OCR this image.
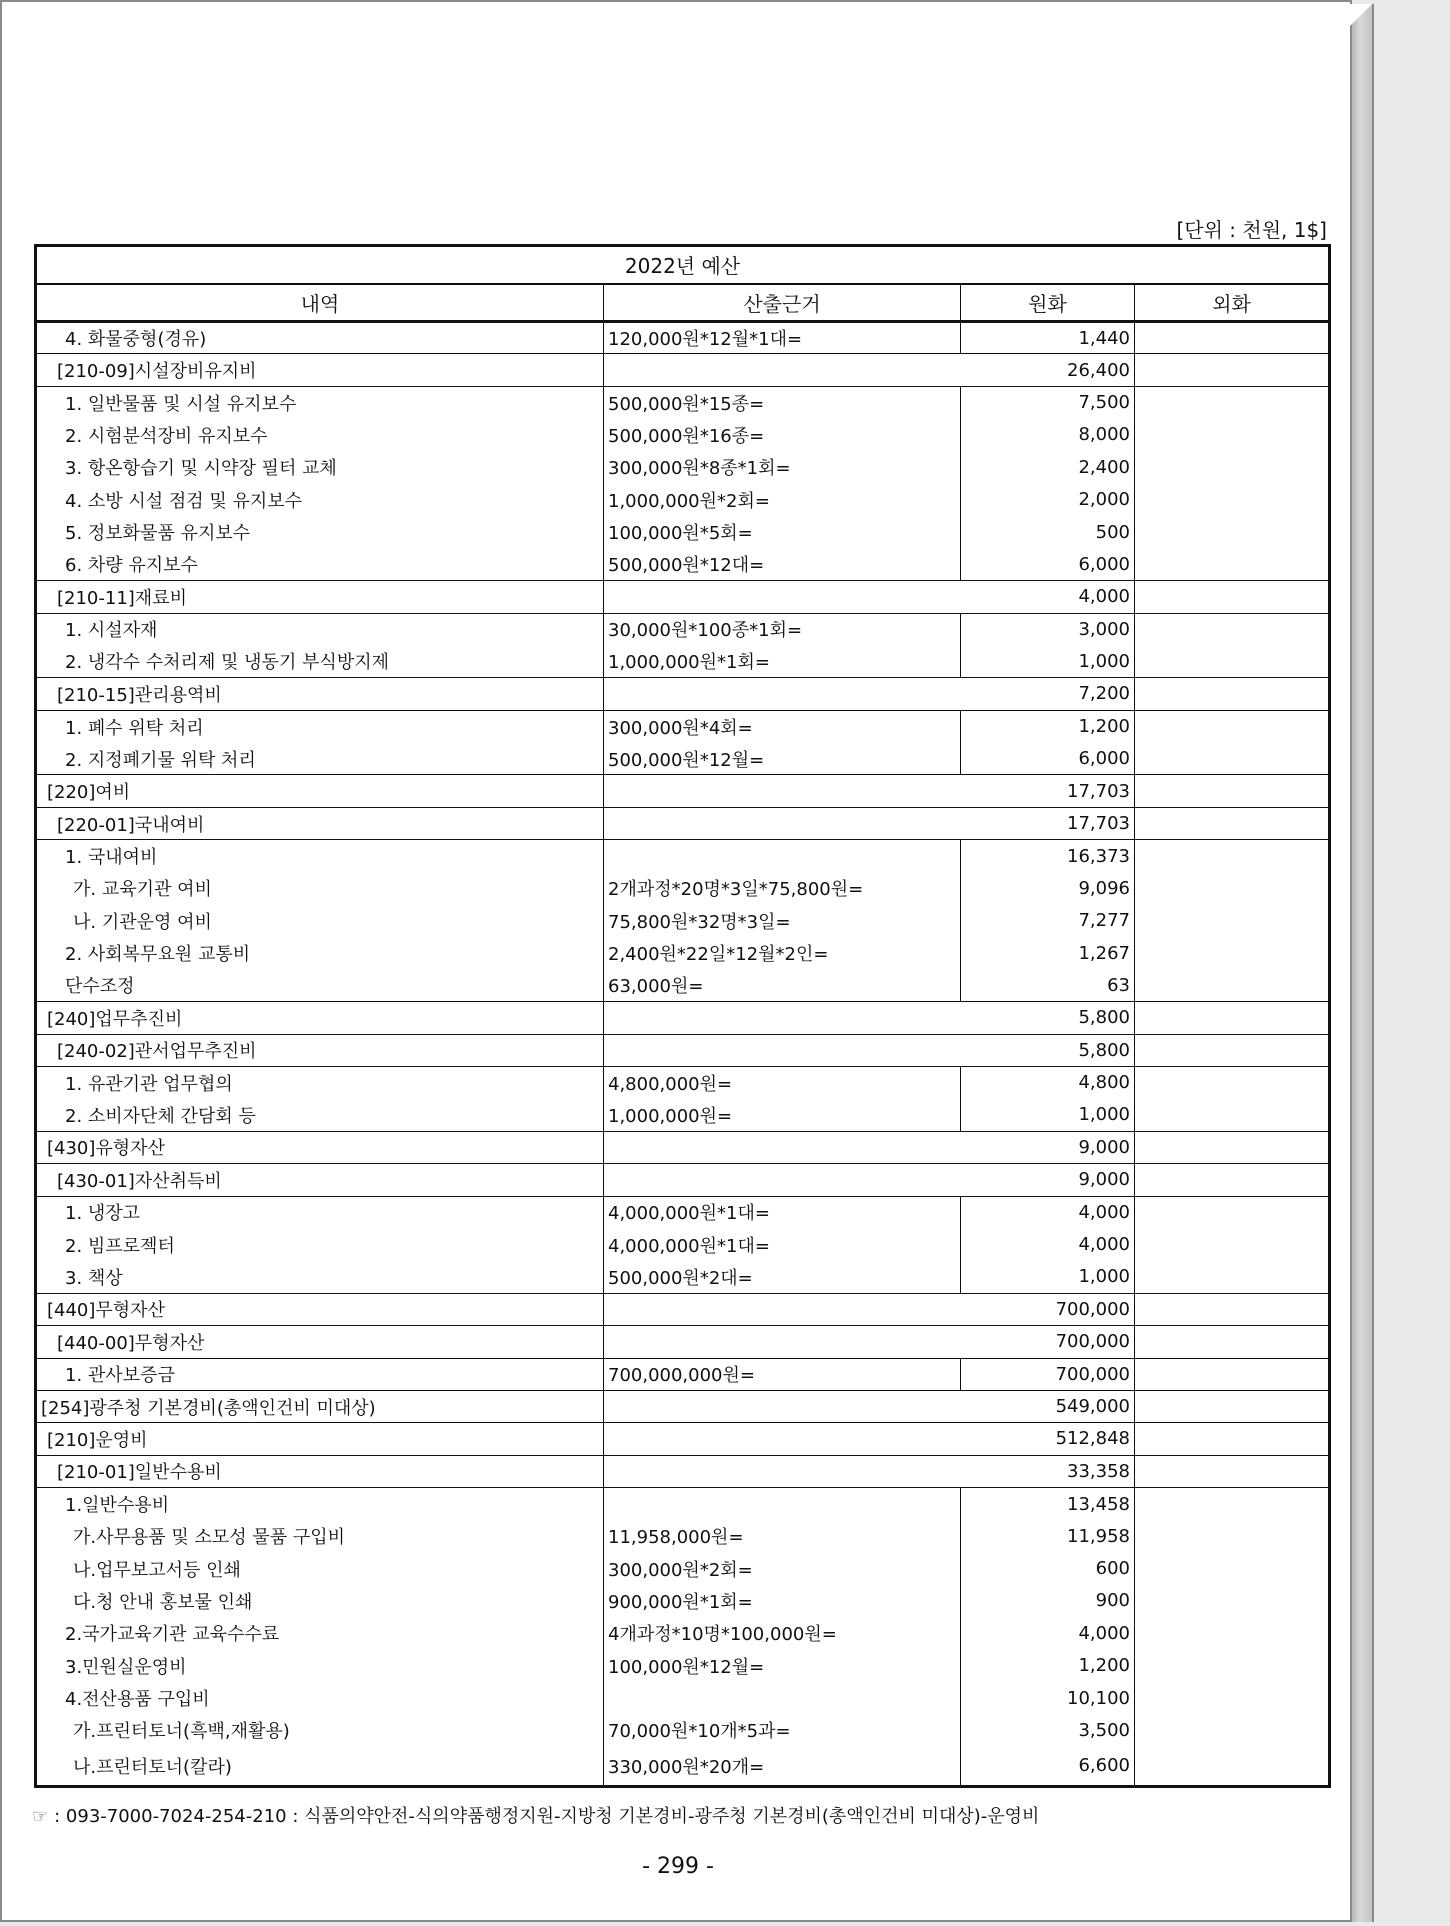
[단위 : 천원, 1$]
2022년 예산			
내역	산출근거	원화	외화
4. 화물중형(경유)	120,000원*12월*1대=	1,440	
[210-09]시설장비유지비		26,400	
1. 일반물품 및 시설 유지보수	500,000원*15종=	7,500	
2. 시험분석장비 유지보수	500,000원*16종=	8,000	
3. 항온항습기 및 시약장 필터 교체	300,000원*8종*1회=	2,400	
4. 소방 시설 점검 및 유지보수	1,000,000원*2회=	2,000	
5. 정보화물품 유지보수	100,000원*5회=	500	
6. 차량 유지보수	500,000원*12대=	6,000	
[210-11]재료비		4,000	
1. 시설자재	30,000원*100종*1회=	3,000	
2. 냉각수 수처리제 및 냉동기 부식방지제	1,000,000원*1회=	1,000	
[210-15]관리용역비		7,200	
1. 폐수 위탁 처리	300,000원*4회=	1,200	
2. 지정폐기물 위탁 처리	500,000원*12월=	6,000	
[220]여비		17,703	
[220-01]국내여비		17,703	
1. 국내여비		16,373	
가. 교육기관 여비	2개과정*20명*3일*75,800원=	9,096	
나. 기관운영 여비	75,800원*32명*3일=	7,277	
2. 사회복무요원 교통비	2,400원*22일*12월*2인=	1,267	
단수조정	63,000원=	63	
[240]업무추진비		5,800	
[240-02]관서업무추진비		5,800	
1. 유관기관 업무협의	4,800,000원=	4,800	
2. 소비자단체 간담회 등	1,000,000원=	1,000	
[430]유형자산		9,000	
[430-01]자산취득비		9,000	
1. 냉장고	4,000,000원*1대=	4,000	
2. 빔프로젝터	4,000,000원*1대=	4,000	
3. 책상	500,000원*2대=	1,000	
[440]무형자산		700,000	
[440-00]무형자산		700,000	
1. 관사보증금	700,000,000원=	700,000	
[254]광주청 기본경비(총액인건비 미대상)		549,000	
[210]운영비		512,848	
[210-01]일반수용비		33,358	
1.일반수용비		13,458	
가.사무용품 및 소모성 물품 구입비	11,958,000원=	11,958	
나.업무보고서등 인쇄	300,000원*2회=	600	
다.청 안내 홍보물 인쇄	900,000원*1회=	900	
2.국가교육기관 교육수수료	4개과정*10명*100,000원=	4,000	
3.민원실운영비	100,000원*12월=	1,200	
4.전산용품 구입비		10,100	
가.프린터토너(흑백,재활용)	70,000원*10개*5과=	3,500	
나.프린터토너(칼라)	330,000원*20개=	6,600	
☞ : 093-7000-7024-254-210 : 식품의약안전-식의약품행정지원-지방청 기본경비-광주청 기본경비(총액인건비 미대상)-운영비
- 299 -
